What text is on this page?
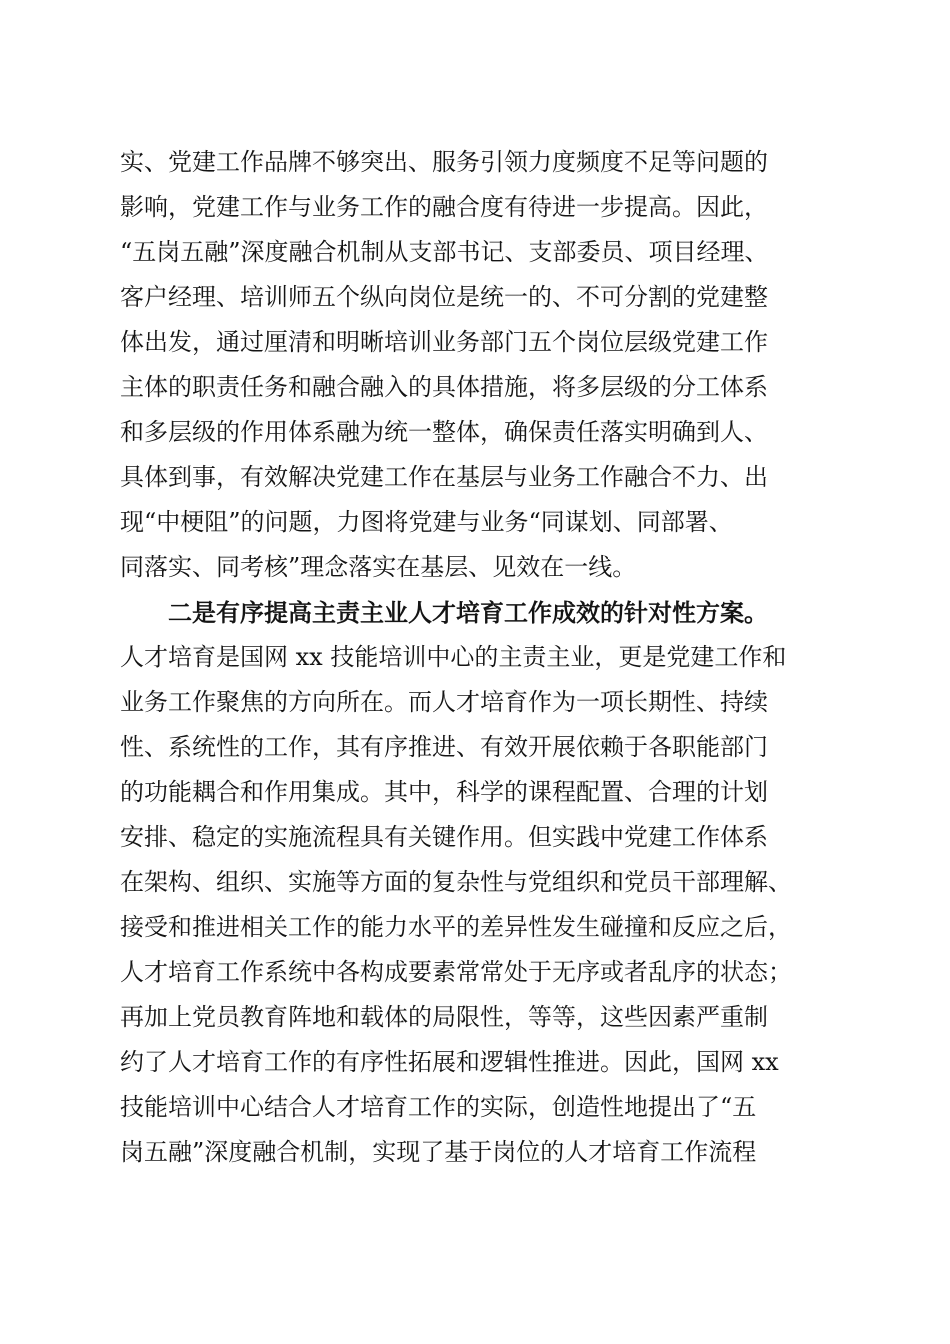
实、党建工作品牌不够突出、服务引领力度频度不足等问题的
影响，党建工作与业务工作的融合度有待进一步提高。因此，
“五岗五融”深度融合机制从支部书记、支部委员、项目经理、
客户经理、培训师五个纵向岗位是统一的、不可分割的党建整
体出发，通过厘清和明晰培训业务部门五个岗位层级党建工作
主体的职责任务和融合融入的具体措施，将多层级的分工体系
和多层级的作用体系融为统一整体，确保责任落实明确到人、
具体到事，有效解决党建工作在基层与业务工作融合不力、出
现“中梗阻”的问题，力图将党建与业务“同谋划、同部署、
同落实、同考核”理念落实在基层、见效在一线。
二是有序提高主责主业人才培育工作成效的针对性方案。
人才培育是国网 xx 技能培训中心的主责主业，更是党建工作和
业务工作聚焦的方向所在。而人才培育作为一项长期性、持续
性、系统性的工作，其有序推进、有效开展依赖于各职能部门
的功能耦合和作用集成。其中，科学的课程配置、合理的计划
安排、稳定的实施流程具有关键作用。但实践中党建工作体系
在架构、组织、实施等方面的复杂性与党组织和党员干部理解、
接受和推进相关工作的能力水平的差异性发生碰撞和反应之后，
人才培育工作系统中各构成要素常常处于无序或者乱序的状态；
再加上党员教育阵地和载体的局限性，等等，这些因素严重制
约了人才培育工作的有序性拓展和逻辑性推进。因此，国网 xx
技能培训中心结合人才培育工作的实际，创造性地提出了“五
岗五融”深度融合机制，实现了基于岗位的人才培育工作流程
